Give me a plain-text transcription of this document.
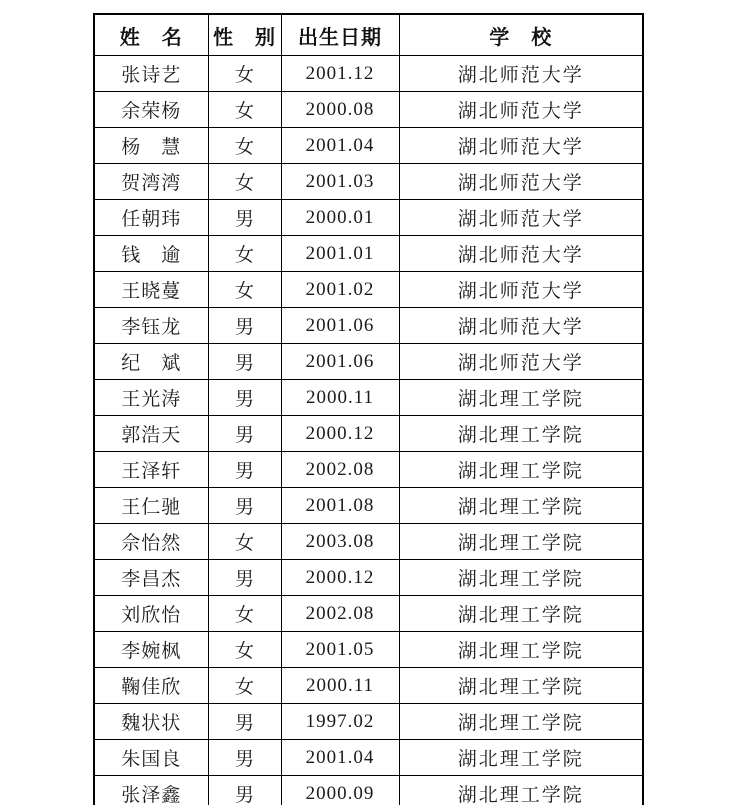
姓　名	性　别	出生日期	学　校
张诗艺	女	2001.12	湖北师范大学
余荣杨	女	2000.08	湖北师范大学
杨　慧	女	2001.04	湖北师范大学
贺湾湾	女	2001.03	湖北师范大学
任朝玮	男	2000.01	湖北师范大学
钱　逾	女	2001.01	湖北师范大学
王晓蔓	女	2001.02	湖北师范大学
李钰龙	男	2001.06	湖北师范大学
纪　斌	男	2001.06	湖北师范大学
王光涛	男	2000.11	湖北理工学院
郭浩天	男	2000.12	湖北理工学院
王泽轩	男	2002.08	湖北理工学院
王仁驰	男	2001.08	湖北理工学院
佘怡然	女	2003.08	湖北理工学院
李昌杰	男	2000.12	湖北理工学院
刘欣怡	女	2002.08	湖北理工学院
李婉枫	女	2001.05	湖北理工学院
鞠佳欣	女	2000.11	湖北理工学院
魏状状	男	1997.02	湖北理工学院
朱国良	男	2001.04	湖北理工学院
张泽鑫	男	2000.09	湖北理工学院
